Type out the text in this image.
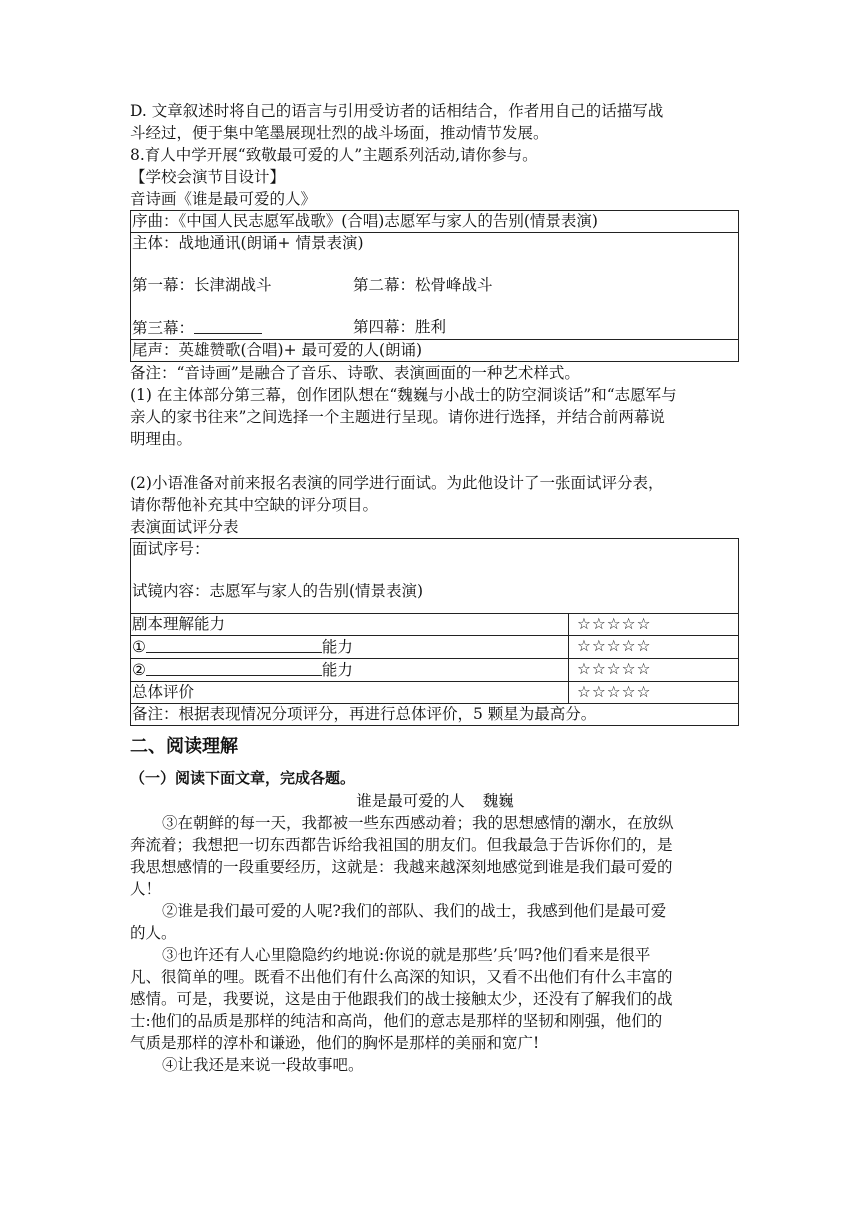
D. 文章叙述时将自己的语言与引用受访者的话相结合，作者用自己的话描写战

斗经过，便于集中笔墨展现壮烈的战斗场面，推动情节发展。

8.育人中学开展“致敬最可爱的人”主题系列活动,请你参与。

【学校会演节目设计】

音诗画《谁是最可爱的人》

序曲：《中国人民志愿军战歌》(合唱)志愿军与家人的告别(情景表演)

主体：战地通讯(朗诵+ 情景表演)
第一幕：长津湖战斗	第二幕：松骨峰战斗
第三幕：	第四幕：胜利

尾声：英雄赞歌(合唱)+ 最可爱的人(朗诵)

备注：“音诗画”是融合了音乐、诗歌、表演画面的一种艺术样式。

(1) 在主体部分第三幕，创作团队想在“魏巍与小战士的防空洞谈话”和“志愿军与

亲人的家书往来”之间选择一个主题进行呈现。请你进行选择，并结合前两幕说

明理由。

(2)小语准备对前来报名表演的同学进行面试。为此他设计了一张面试评分表，

请你帮他补充其中空缺的评分项目。

表演面试评分表

面试序号：
试镜内容：志愿军与家人的告别(情景表演)	

剧本理解能力	☆☆☆☆☆
① 能力	☆☆☆☆☆
② 能力	☆☆☆☆☆
总体评价	☆☆☆☆☆
备注：根据表现情况分项评分，再进行总体评价，5 颗星为最高分。	
二、阅读理解

（一）阅读下面文章，完成各题。

谁是最可爱的人 魏巍

③在朝鲜的每一天，我都被一些东西感动着；我的思想感情的潮水，在放纵

奔流着；我想把一切东西都告诉给我祖国的朋友们。但我最急于告诉你们的，是

我思想感情的一段重要经历，这就是：我越来越深刻地感觉到谁是我们最可爱的

人！

②谁是我们最可爱的人呢?我们的部队、我们的战士，我感到他们是最可爱

的人。

③也许还有人心里隐隐约约地说:你说的就是那些’兵’吗?他们看来是很平

凡、很简单的哩。既看不出他们有什么高深的知识，又看不出他们有什么丰富的

感情。可是，我要说，这是由于他跟我们的战士接触太少，还没有了解我们的战

士:他们的品质是那样的纯洁和高尚，他们的意志是那样的坚韧和刚强，他们的

气质是那样的淳朴和谦逊，他们的胸怀是那样的美丽和宽广!

④让我还是来说一段故事吧。
